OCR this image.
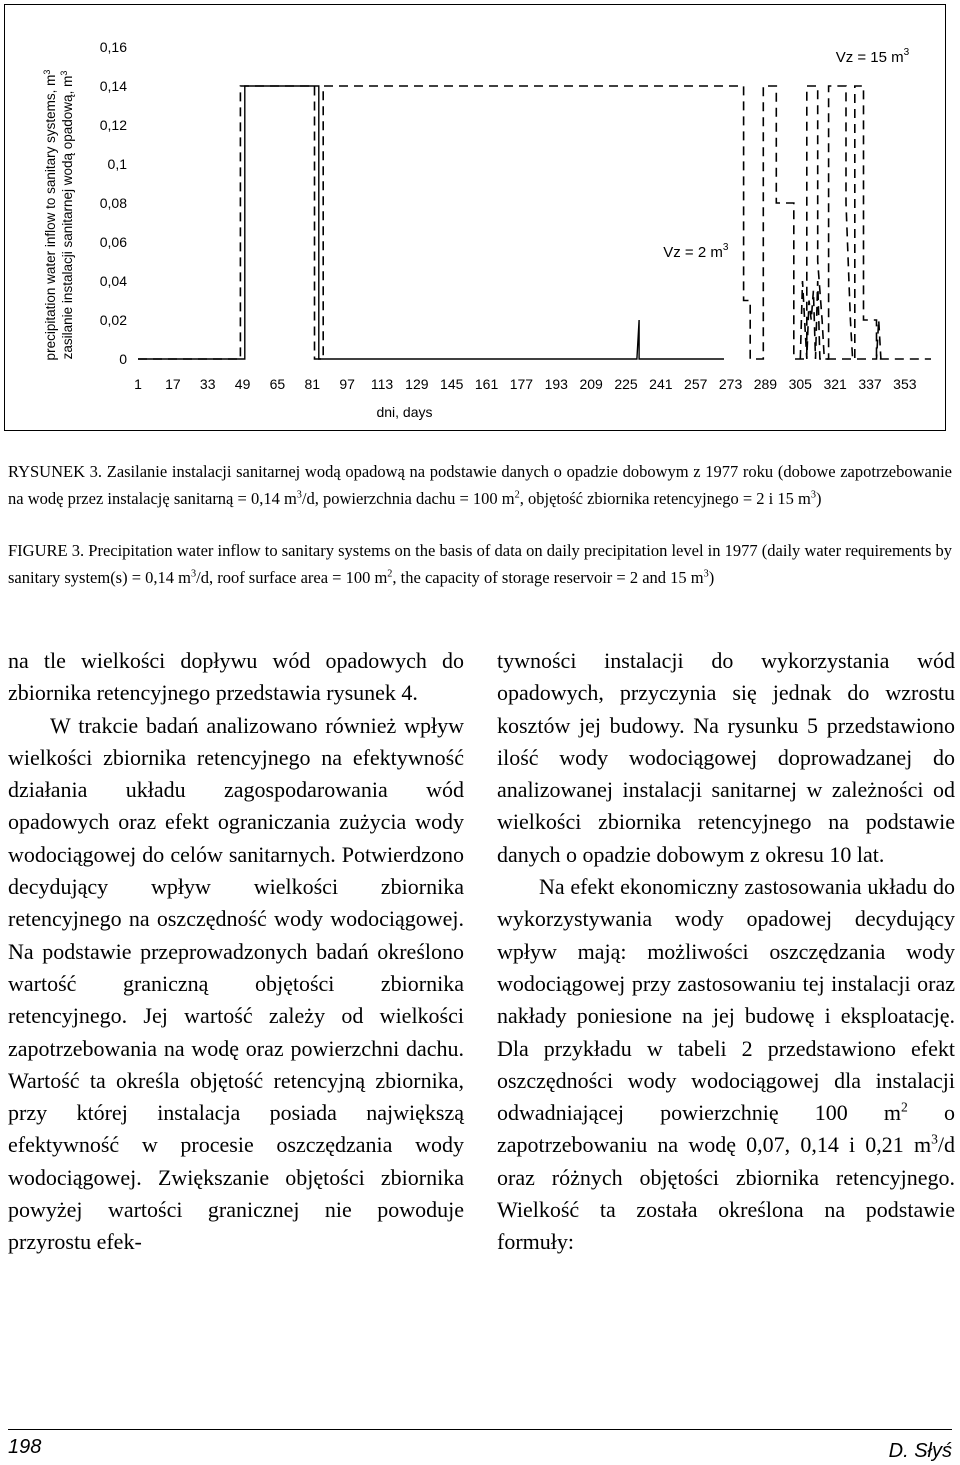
0,16
0,14
0,12
0,1
0,08
0,06
0,04
0,02
0
1 17 33 49 65 81 97 113 129 145 161 177 193 209 225 241 257 273 289 305 321 337 353
dni, days
precipitation water inflow to sanitary systems, $m^3$
zasilanie instalacji sanitarnej wodą opadową, $m^3$
Vz = 2 $m^3$
Vz = 15 $m^3$

RYSUNEK 3. Zasilanie instalacji sanitarnej wodą opadową na podstawie danych o opadzie dobowym z 1977 roku (dobowe zapotrzebowanie na wodę przez instalację sanitarną = 0,14 $m^3/d$, powierzchnia dachu = 100 $m^2$, objętość zbiornika retencyjnego = 2 i 15 $m^3$)

FIGURE 3. Precipitation water inflow to sanitary systems on the basis of data on daily precipitation level in 1977 (daily water requirements by sanitary system(s) = 0,14 $m^3/d$, roof surface area = 100 $m^2$, the capacity of storage reservoir = 2 and 15 $m^3$)

na tle wielkości dopływu wód opadowych do zbiornika retencyjnego przedstawia rysunek 4.

W trakcie badań analizowano również wpływ wielkości zbiornika retencyjnego na efektywność działania układu zagospodarowania wód opadowych oraz efekt ograniczania zużycia wody wodociągowej do celów sanitarnych. Potwierdzono decydujący wpływ wielkości zbiornika retencyjnego na oszczędność wody wodociągowej. Na podstawie przeprowadzonych badań określono wartość graniczną objętości zbiornika retencyjnego. Jej wartość zależy od wielkości zapotrzebowania na wodę oraz powierzchni dachu. Wartość ta określa objętość retencyjną zbiornika, przy której instalacja posiada największą efektywność w procesie oszczędzania wody wodociągowej. Zwiększanie objętości zbiornika powyżej wartości granicznej nie powoduje przyrostu efek-

tywności instalacji do wykorzystania wód opadowych, przyczynia się jednak do wzrostu kosztów jej budowy. Na rysunku 5 przedstawiono ilość wody wodociągowej doprowadzanej do analizowanej instalacji sanitarnej w zależności od wielkości zbiornika retencyjnego na podstawie danych o opadzie dobowym z okresu 10 lat.

Na efekt ekonomiczny zastosowania układu do wykorzystywania wody opadowej decydujący wpływ mają: możliwości oszczędzania wody wodociągowej przy zastosowaniu tej instalacji oraz nakłady poniesione na jej budowę i eksploatację. Dla przykładu w tabeli 2 przedstawiono efekt oszczędności wody wodociągowej dla instalacji odwadniającej powierzchnię 100 $m^2$ o zapotrzebowaniu na wodę 0,07, 0,14 i 0,21 $m^3/d$ oraz różnych objętości zbiornika retencyjnego. Wielkość ta została określona na podstawie formuły:

198	D. Słyś
